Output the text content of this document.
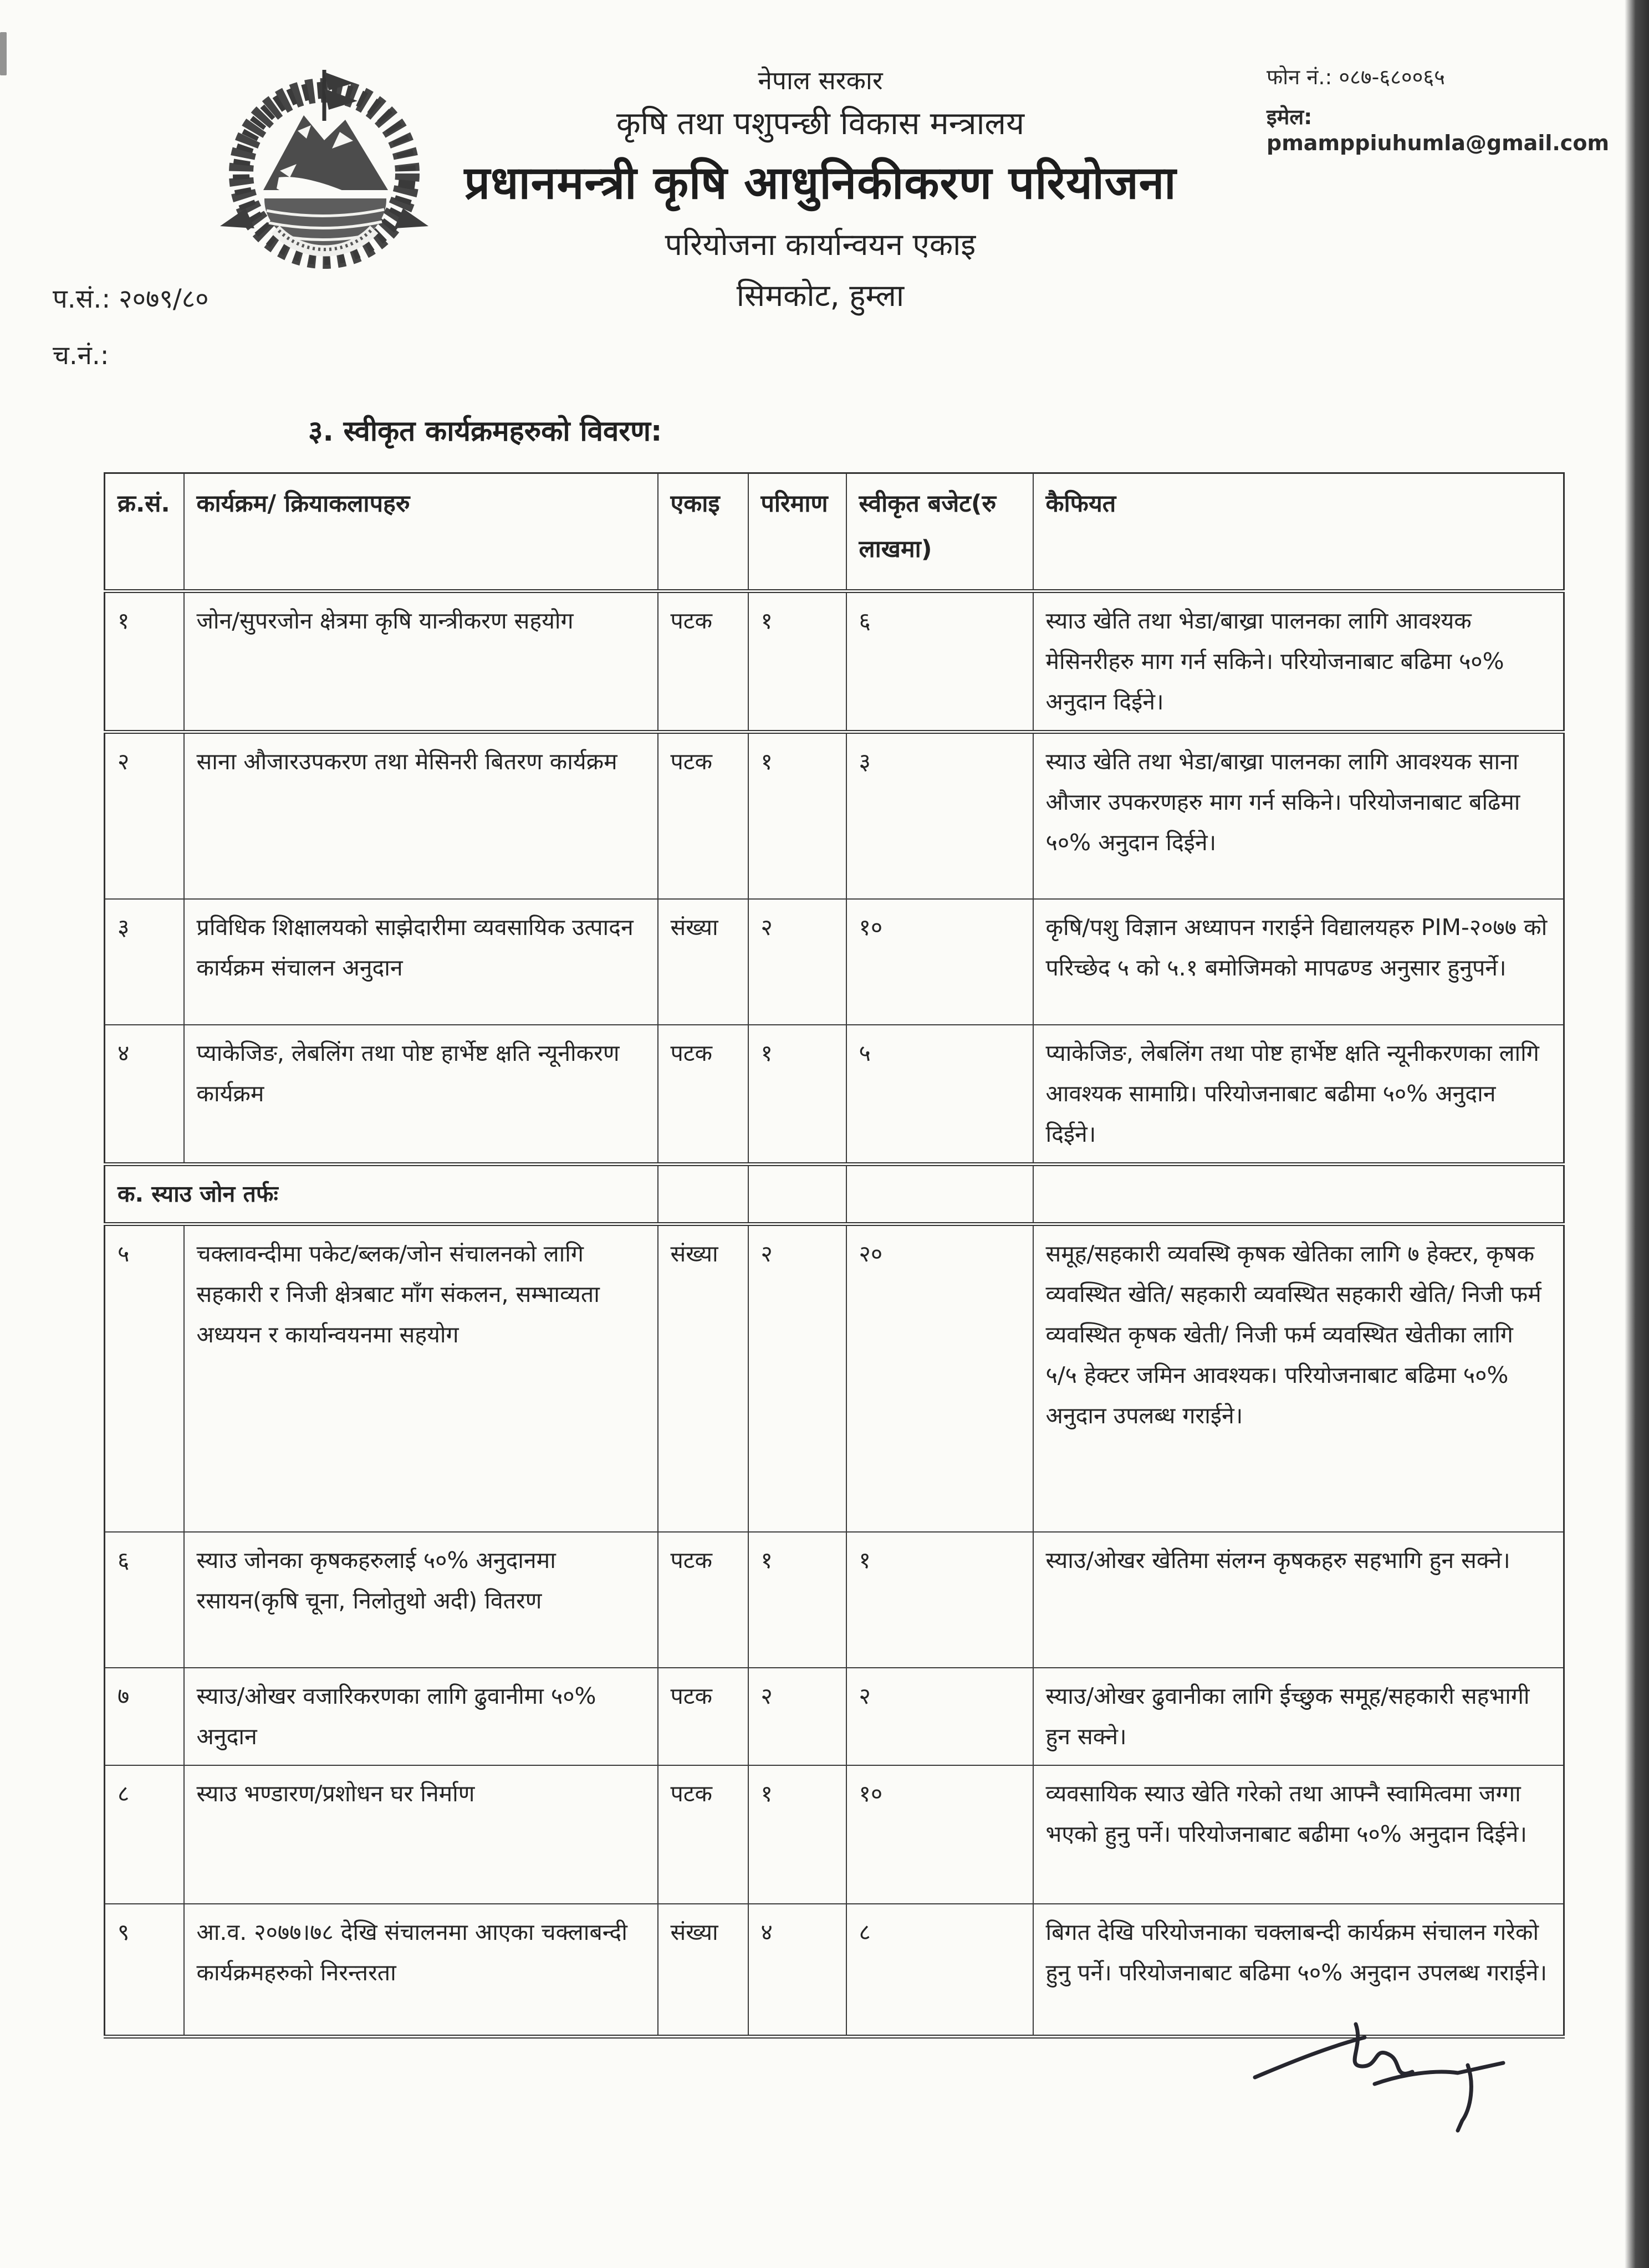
नेपाल सरकार
कृषि तथा पशुपन्छी विकास मन्त्रालय
प्रधानमन्त्री कृषि आधुनिकीकरण परियोजना
परियोजना कार्यान्वयन एकाइ
सिमकोट, हुम्ला
फोन नं.: ०८७-६८००६५
इमेल: pmamppiuhumla@gmail.com
प.सं.: २०७९/८०
च.नं.:
३. स्वीकृत कार्यक्रमहरुको विवरण:
क्र.सं.	कार्यक्रम/ क्रियाकलापहरु	एकाइ	परिमाण	स्वीकृत बजेट(रु लाखमा)	कैफियत
१	जोन/सुपरजोन क्षेत्रमा कृषि यान्त्रीकरण सहयोग	पटक	१	६	स्याउ खेति तथा भेडा/बाख्रा पालनका लागि आवश्यक मेसिनरीहरु माग गर्न सकिने। परियोजनाबाट बढिमा ५०% अनुदान दिईने।
२	साना औजारउपकरण तथा मेसिनरी बितरण कार्यक्रम	पटक	१	३	स्याउ खेति तथा भेडा/बाख्रा पालनका लागि आवश्यक साना औजार उपकरणहरु माग गर्न सकिने। परियोजनाबाट बढिमा ५०% अनुदान दिईने।
३	प्रविधिक शिक्षालयको साझेदारीमा व्यवसायिक उत्पादन कार्यक्रम संचालन अनुदान	संख्या	२	१०	कृषि/पशु विज्ञान अध्यापन गराईने विद्यालयहरु PIM-२०७७ को परिच्छेद ५ को ५.१ बमोजिमको मापढण्ड अनुसार हुनुपर्ने।
४	प्याकेजिङ, लेबलिंग तथा पोष्ट हार्भेष्ट क्षति न्यूनीकरण कार्यक्रम	पटक	१	५	प्याकेजिङ, लेबलिंग तथा पोष्ट हार्भेष्ट क्षति न्यूनीकरणका लागि आवश्यक सामाग्रि। परियोजनाबाट बढीमा ५०% अनुदान दिईने।
क. स्याउ जोन तर्फः					
५	चक्लावन्दीमा पकेट/ब्लक/जोन संचालनको लागि सहकारी र निजी क्षेत्रबाट माँग संकलन, सम्भाव्यता अध्ययन र कार्यान्वयनमा सहयोग	संख्या	२	२०	समूह/सहकारी व्यवस्थि कृषक खेतिका लागि ७ हेक्टर, कृषक व्यवस्थित खेति/ सहकारी व्यवस्थित सहकारी खेति/ निजी फर्म व्यवस्थित कृषक खेती/ निजी फर्म व्यवस्थित खेतीका लागि ५/५ हेक्टर जमिन आवश्यक। परियोजनाबाट बढिमा ५०% अनुदान उपलब्ध गराईने।
६	स्याउ जोनका कृषकहरुलाई ५०% अनुदानमा रसायन(कृषि चूना, निलोतुथो अदी) वितरण	पटक	१	१	स्याउ/ओखर खेतिमा संलग्न कृषकहरु सहभागि हुन सक्ने।
७	स्याउ/ओखर वजारिकरणका लागि ढुवानीमा ५०% अनुदान	पटक	२	२	स्याउ/ओखर ढुवानीका लागि ईच्छुक समूह/सहकारी सहभागी हुन सक्ने।
८	स्याउ भण्डारण/प्रशोधन घर निर्माण	पटक	१	१०	व्यवसायिक स्याउ खेति गरेको तथा आफ्नै स्वामित्वमा जग्गा भएको हुनु पर्ने। परियोजनाबाट बढीमा ५०% अनुदान दिईने।
९	आ.व. २०७७।७८ देखि संचालनमा आएका चक्लाबन्दी कार्यक्रमहरुको निरन्तरता	संख्या	४	८	बिगत देखि परियोजनाका चक्लाबन्दी कार्यक्रम संचालन गरेको हुनु पर्ने। परियोजनाबाट बढिमा ५०% अनुदान उपलब्ध गराईने।
